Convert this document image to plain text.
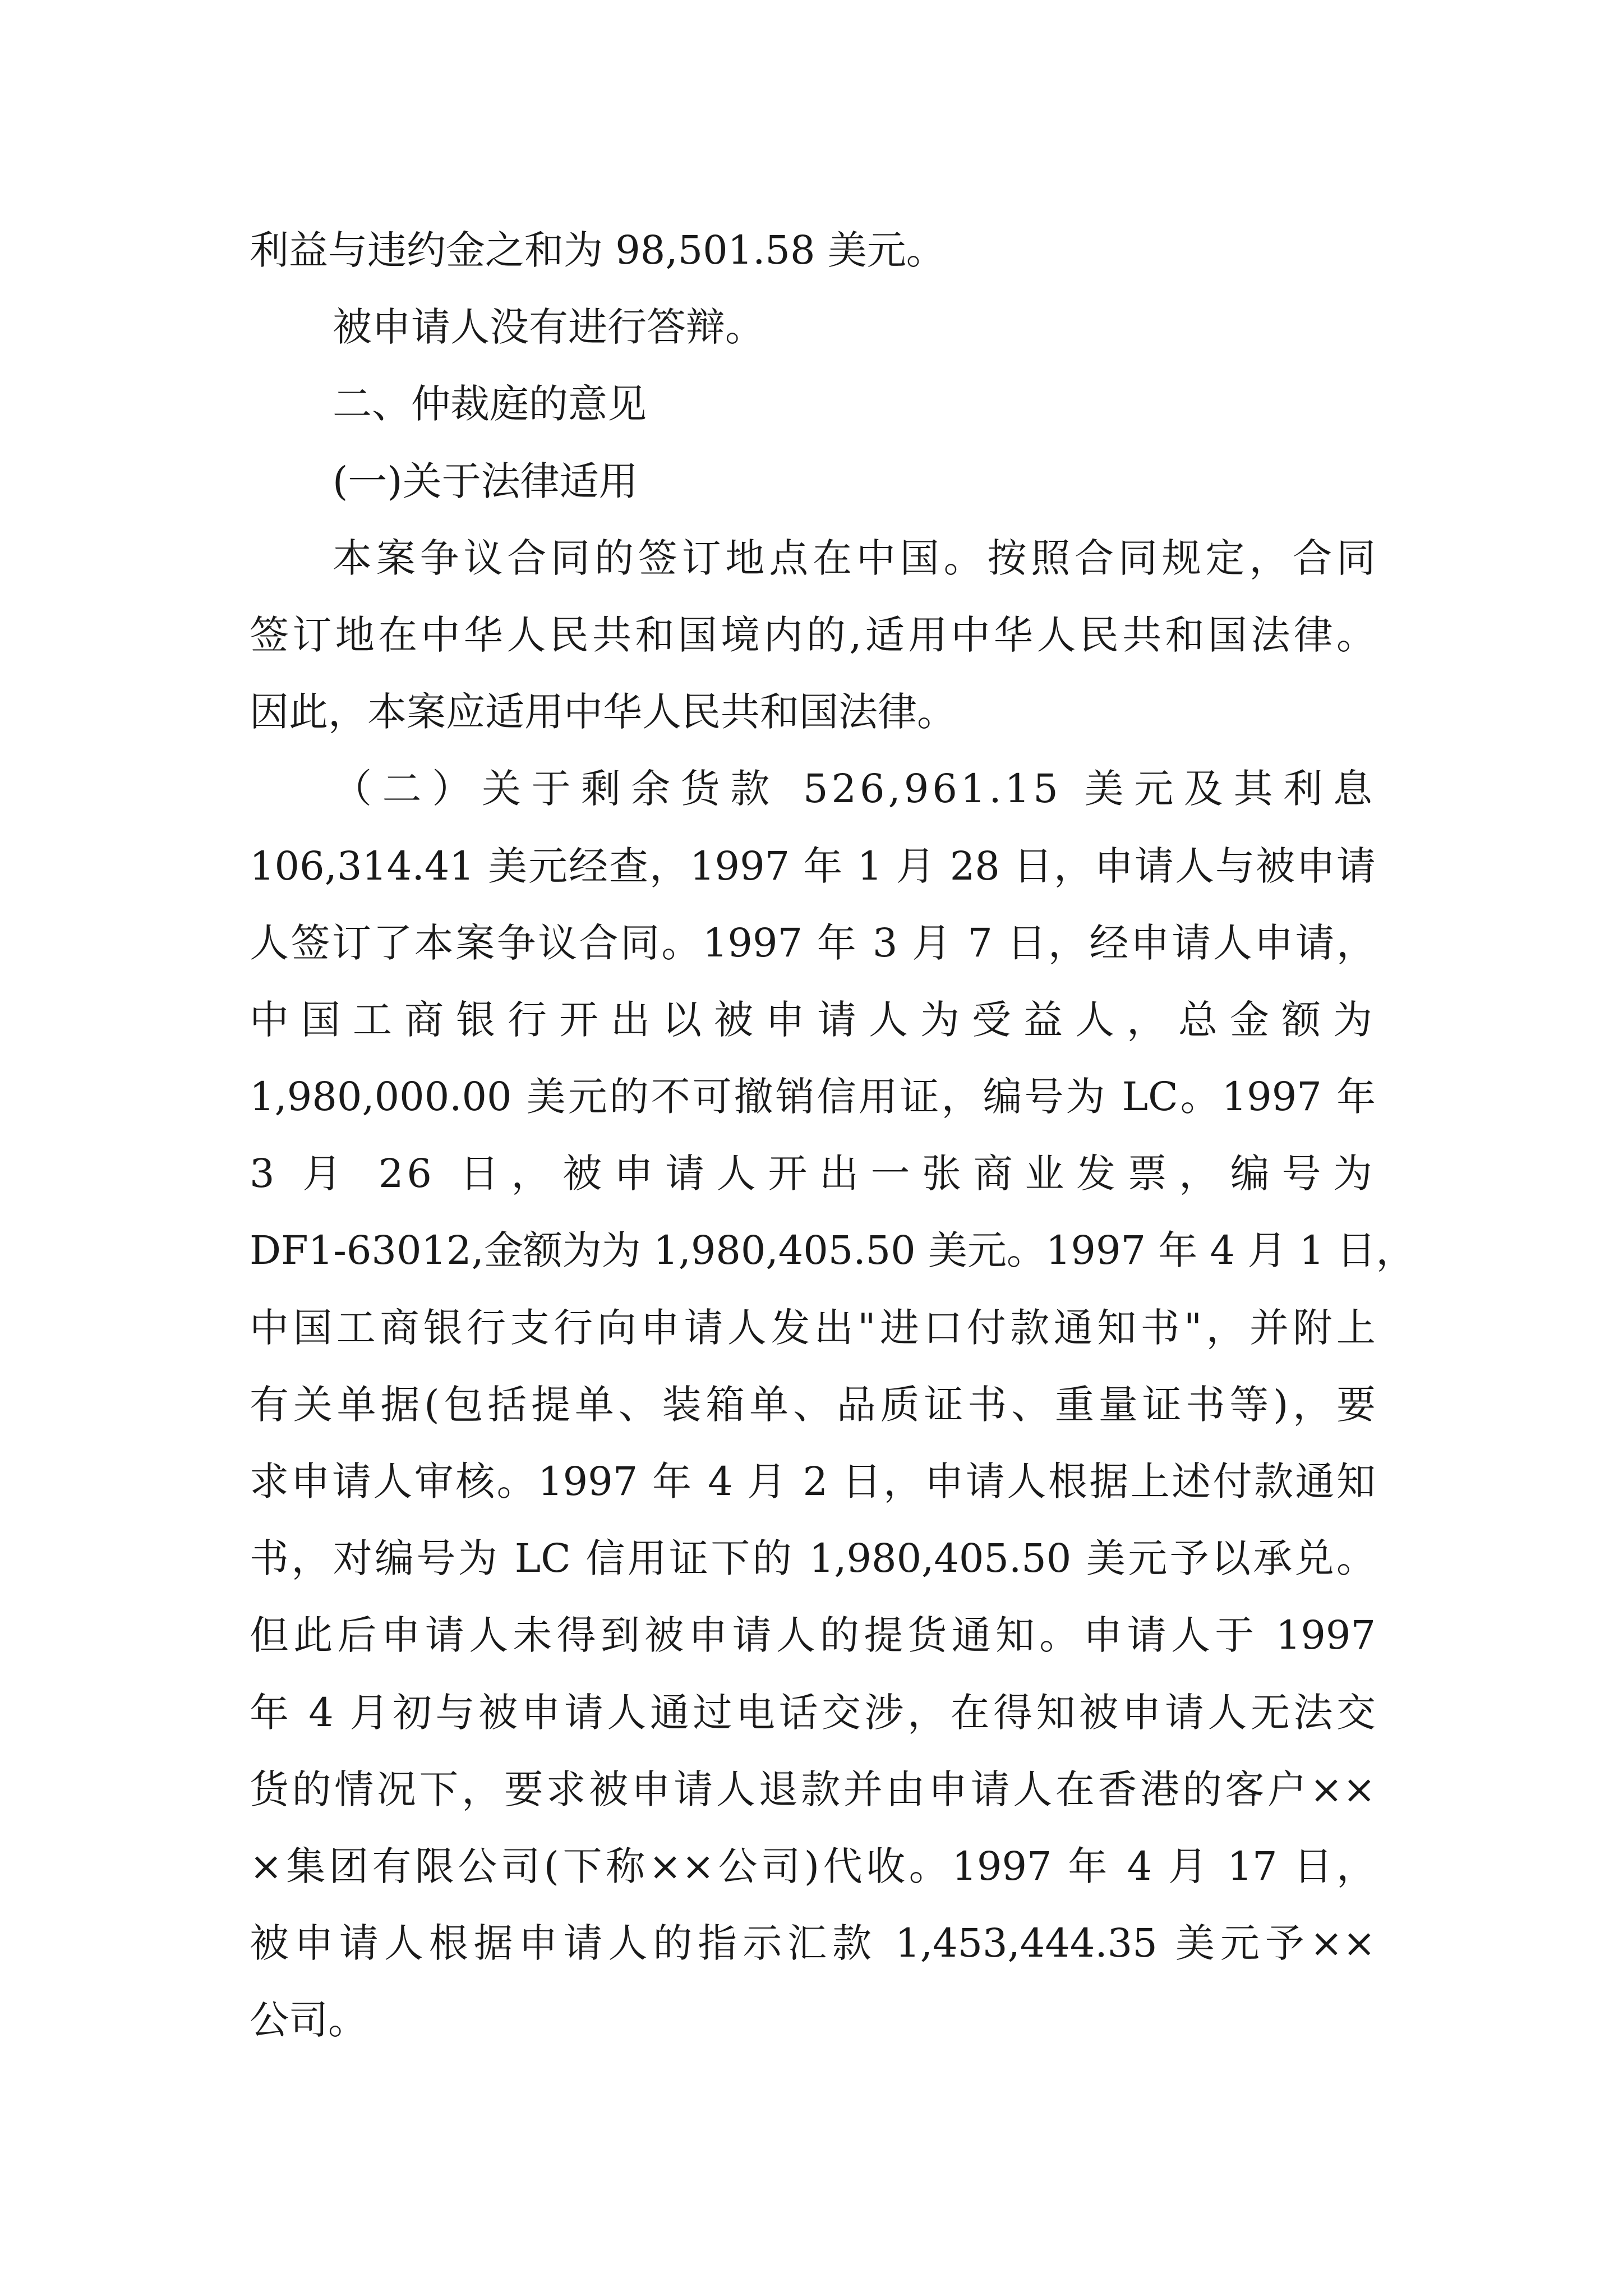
利益与违约金之和为 98,501.58 美元。
被申请人没有进行答辩。
二、仲裁庭的意见
(一)关于法律适用
本案争议合同的签订地点在中国。按照合同规定，合同
签订地在中华人民共和国境内的,适用中华人民共和国法律。
因此，本案应适用中华人民共和国法律。
（二）关于剩余货款 526,961.15 美元及其利息
106,314.41 美元经查，1997 年 1 月 28 日，申请人与被申请
人签订了本案争议合同。1997 年 3 月 7 日，经申请人申请，
中国工商银行开出以被申请人为受益人，总金额为
1,980,000.00 美元的不可撤销信用证，编号为 LC。1997 年
3 月 26 日，被申请人开出一张商业发票，编号为
DF1-63012,金额为为 1,980,405.50 美元。1997 年 4 月 1 日，
中国工商银行支行向申请人发出"进口付款通知书"，并附上
有关单据(包括提单、装箱单、品质证书、重量证书等)，要
求申请人审核。1997 年 4 月 2 日，申请人根据上述付款通知
书，对编号为 LC 信用证下的 1,980,405.50 美元予以承兑。
但此后申请人未得到被申请人的提货通知。申请人于 1997
年 4 月初与被申请人通过电话交涉，在得知被申请人无法交
货的情况下，要求被申请人退款并由申请人在香港的客户××
×集团有限公司(下称××公司)代收。1997 年 4 月 17 日，
被申请人根据申请人的指示汇款 1,453,444.35 美元予××
公司。
